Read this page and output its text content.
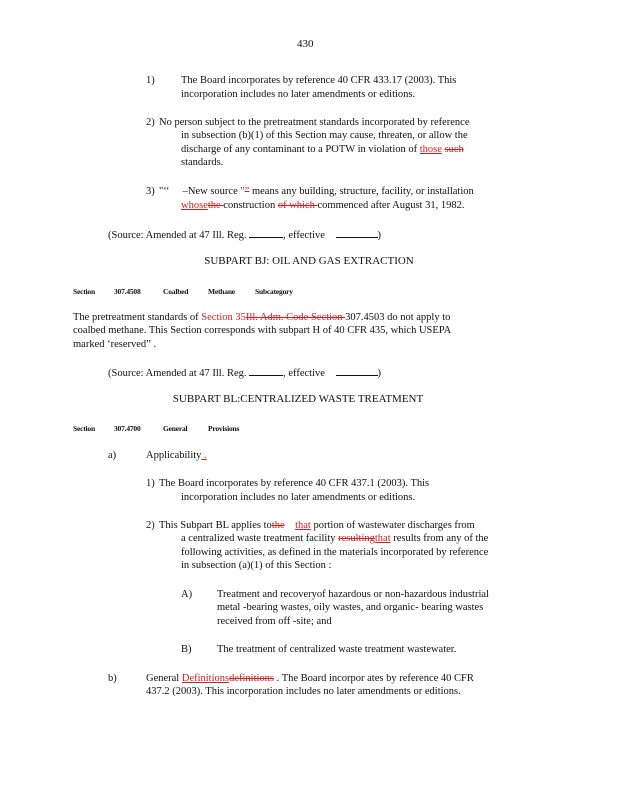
430
1)	The Board incorporates by reference 40 CFR 433.17 (2003). This
incorporation includes no later amendments or editions.
2) No person subject to the pretreatment standards incorporated by reference
in subsection (b)(1) of this Section may cause, threaten, or allow the
discharge of any contaminant to a POTW in violation of those such
standards.
3) "‘‘ –New source "” means any building, structure, facility, or installation
whosethe construction of which commenced after August 31, 1982.
(Source: Amended at 47 Ill. Reg.	, effective	)
SUBPART BJ: OIL AND GAS EXTRACTION
Section	307.4508	Coalbed	Methane	Subcategory
The pretreatment standards of Section 35Ill. Adm. Code Section 307.4503 do not apply to
coalbed methane. This Section corresponds with subpart H of 40 CFR 435, which USEPA
marked ‘reserved” .
(Source: Amended at 47 Ill. Reg.	, effective	)
SUBPART BL:CENTRALIZED WASTE TREATMENT
Section	307.4700	General	Provisions
a)	Applicability .
1) The Board incorporates by reference 40 CFR 437.1 (2003). This
incorporation includes no later amendments or editions.
2) This Subpart BL applies tothe that portion of wastewater discharges from
a centralized waste treatment facility resultingthat results from any of the
following activities, as defined in the materials incorporated by reference
in subsection (a)(1) of this Section :
A) Treatment and recoveryof hazardous or non-hazardous industrial
metal -bearing wastes, oily wastes, and organic- bearing wastes
received from off -site; and
B) The treatment of centralized waste treatment wastewater.
b)	General Definitionsdefinitions . The Board incorpor ates by reference 40 CFR
437.2 (2003). This incorporation includes no later amendments or editions.
